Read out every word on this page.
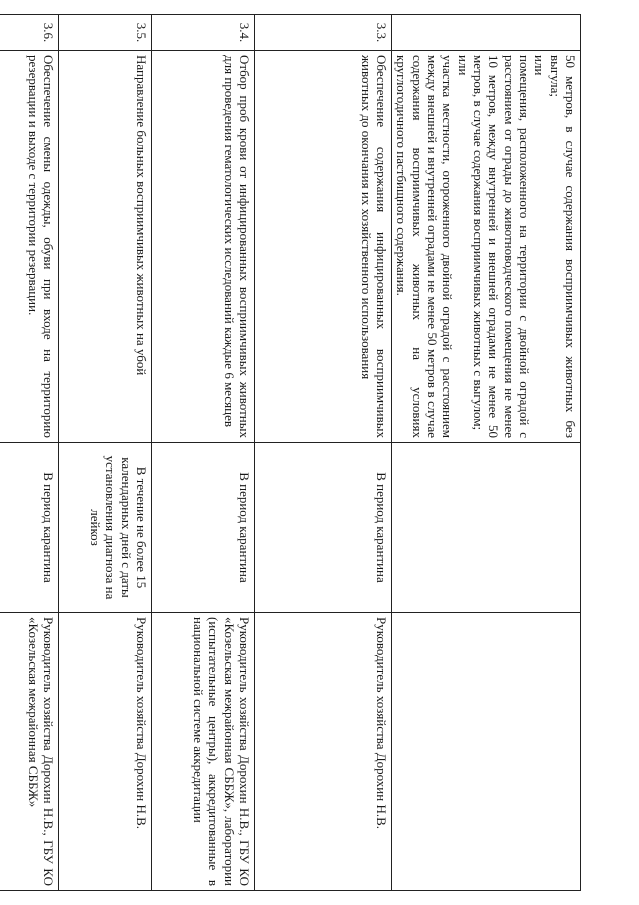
	50 метров, в случае содержания восприимчивых животных без выгула;
или
помещения, расположенного на территории с двойной оградой с расстоянием от ограды до животноводческого помещения не менее 10 метров, между внутренней и внешней оградами не менее 50 метров, в случае содержания восприимчивых животных с выгулом;
или
участка местности, огороженного двойной оградой с расстоянием между внешней и внутренней оградами не менее 50 метров в случае содержания восприимчивых животных на условиях круглогодичного пастбищного содержания.		

3.3.	Обеспечение содержания инфицированных восприимчивых животных до окончания их хозяйственного использования	В период карантина	Руководитель хозяйства Дорохин Н.В.
3.4.	Отбор проб крови от инфицированных восприимчивых животных для проведения гематологических исследований каждые 6 месяцев	В период карантина	Руководитель хозяйства Дорохин Н.В., ГБУ КО «Козельская межрайонная СББЖ», лаборатории (испытательные центры), аккредитованные в национальной системе аккредитации
3.5.	Направление больных восприимчивых животных на убой	В течение не более 15 календарных дней с даты установления диагноза на лейкоз	Руководитель хозяйства Дорохин Н.В.
3.6.	Обеспечение смены одежды, обуви при входе на территорию резервации и выходе с территории резервации.	В период карантина	Руководитель хозяйства Дорохин Н.В., ГБУ КО «Козельская межрайонная СББЖ»
